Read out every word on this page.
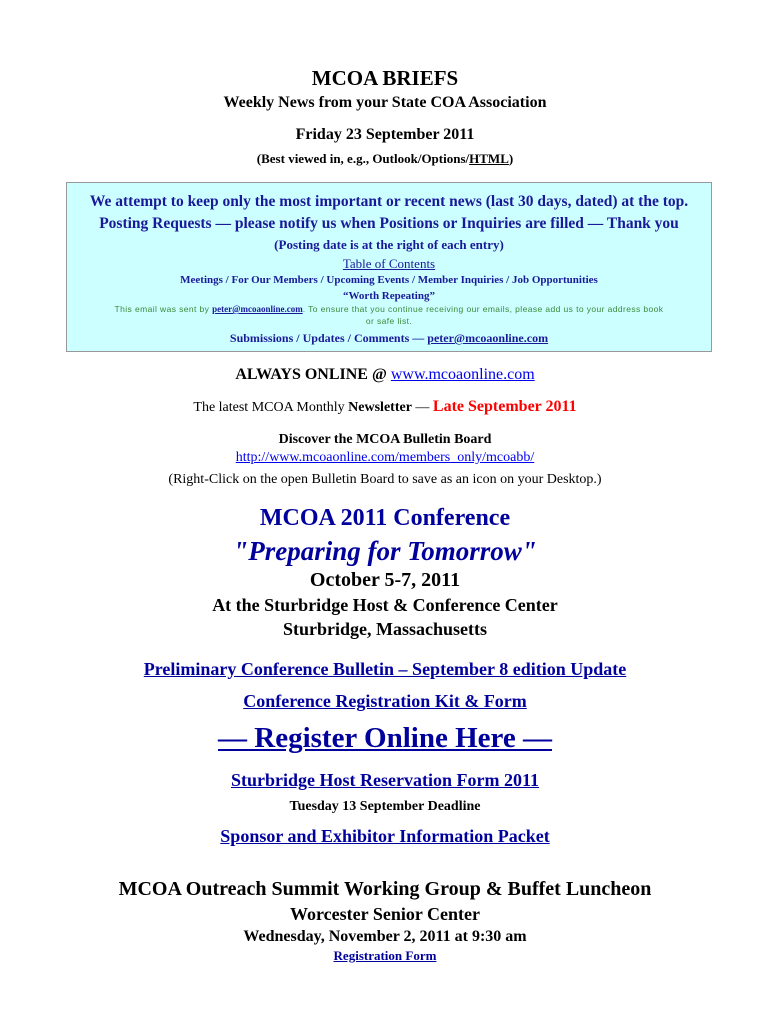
MCOA BRIEFS
Weekly News from your State COA Association
Friday 23 September 2011
(Best viewed in, e.g., Outlook/Options/HTML)
We attempt to keep only the most important or recent news (last 30 days, dated) at the top.
Posting Requests — please notify us when Positions or Inquiries are filled — Thank you
(Posting date is at the right of each entry)
Table of Contents
Meetings / For Our Members / Upcoming Events / Member Inquiries / Job Opportunities
“Worth Repeating”
This email was sent by peter@mcoaonline.com. To ensure that you continue receiving our emails, please add us to your address book
or safe list.
Submissions / Updates / Comments — peter@mcoaonline.com
ALWAYS ONLINE @ www.mcoaonline.com
The latest MCOA Monthly Newsletter — Late September 2011
Discover the MCOA Bulletin Board
http://www.mcoaonline.com/members_only/mcoabb/
(Right-Click on the open Bulletin Board to save as an icon on your Desktop.)
MCOA 2011 Conference
"Preparing for Tomorrow"
October 5-7, 2011
At the Sturbridge Host & Conference Center
Sturbridge, Massachusetts
Preliminary Conference Bulletin – September 8 edition Update
Conference Registration Kit & Form
— Register Online Here —
Sturbridge Host Reservation Form 2011
Tuesday 13 September Deadline
Sponsor and Exhibitor Information Packet
MCOA Outreach Summit Working Group & Buffet Luncheon
Worcester Senior Center
Wednesday, November 2, 2011 at 9:30 am
Registration Form
